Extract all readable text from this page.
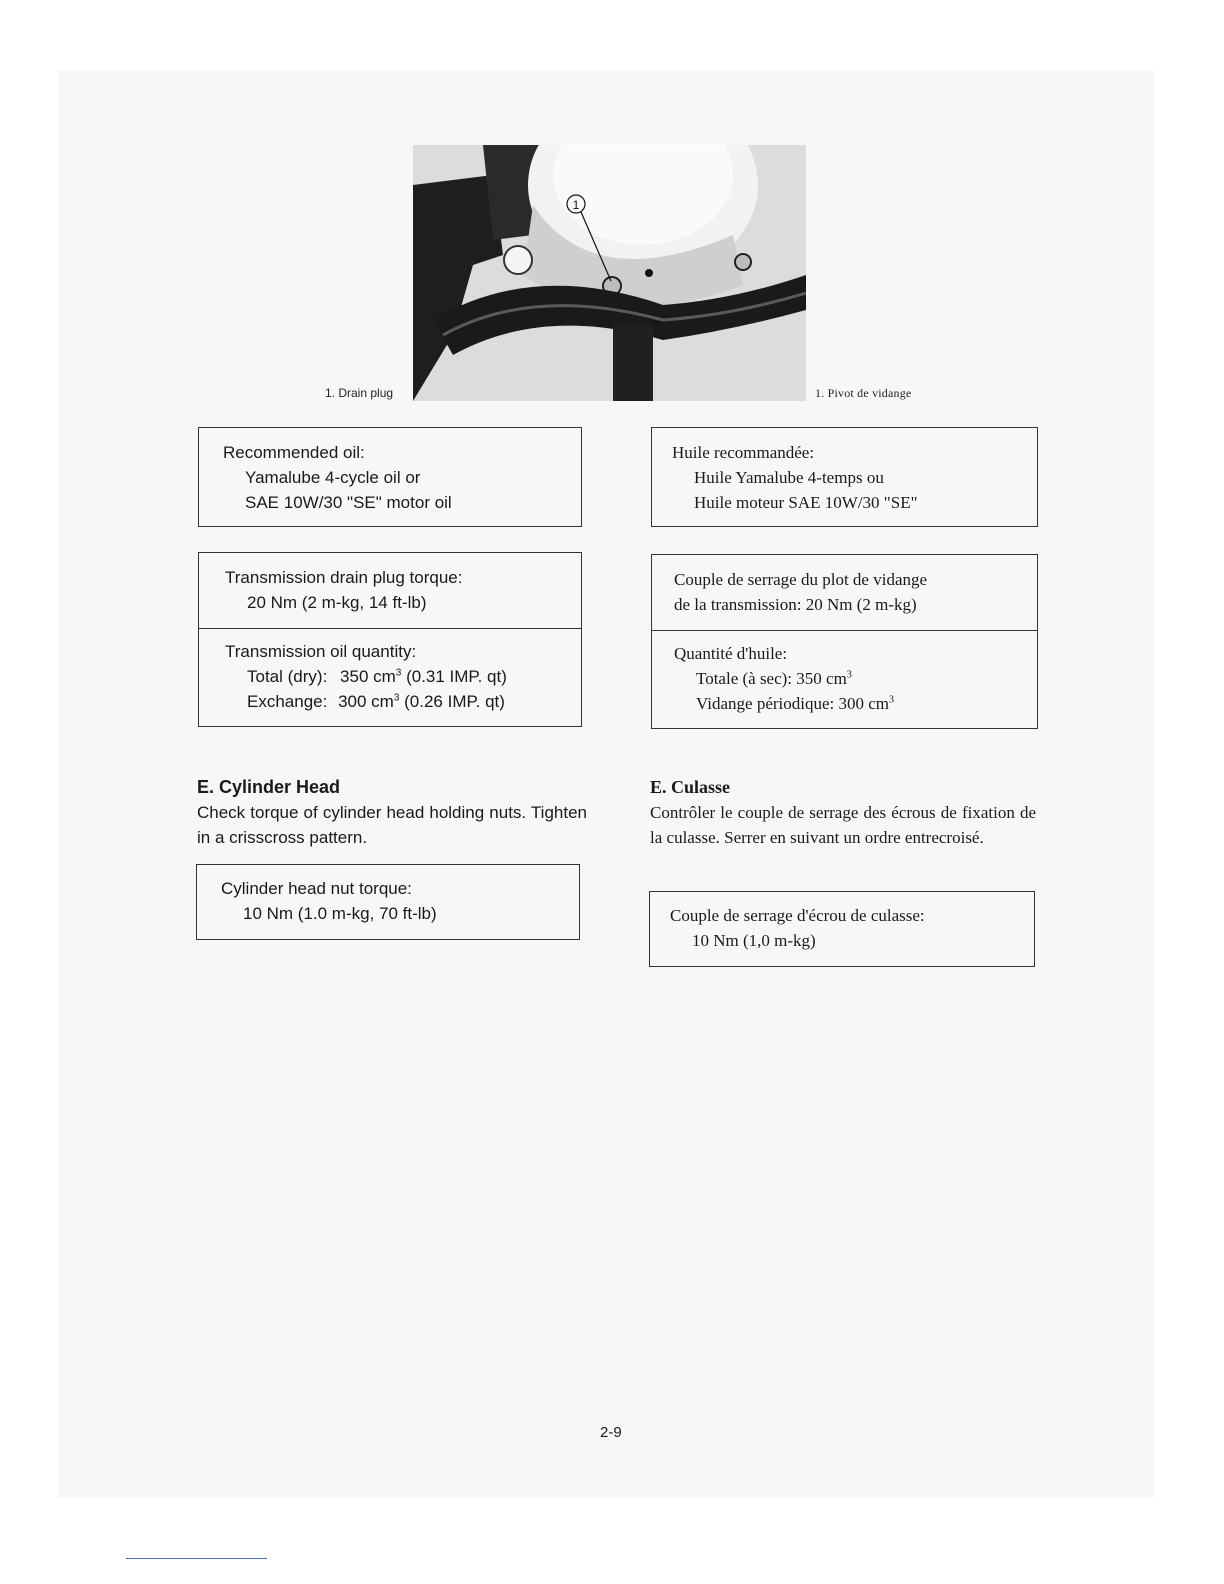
1
1. Drain plug	1. Pivot de vidange
Recommended oil:
Yamalube 4-cycle oil or
SAE 10W/30 "SE" motor oil
Huile recommandée:
Huile Yamalube 4-temps ou
Huile moteur SAE 10W/30 "SE"
Transmission drain plug torque:
20 Nm (2 m-kg, 14 ft-lb)
Transmission oil quantity:
Total (dry): 350 $cm^3$ (0.31 IMP. qt)
Exchange: 300 $cm^3$ (0.26 IMP. qt)
Couple de serrage du plot de vidange
de la transmission: 20 Nm (2 m-kg)
Quantité d'huile:
Totale (à sec): 350 $cm^3$
Vidange périodique: 300 $cm^3$
E. Cylinder Head
Check torque of cylinder head holding nuts. Tighten in a crisscross pattern.
Cylinder head nut torque:
10 Nm (1.0 m-kg, 70 ft-lb)
E. Culasse
Contrôler le couple de serrage des écrous de fixation de la culasse. Serrer en suivant un ordre entrecroisé.
Couple de serrage d'écrou de culasse:
10 Nm (1,0 m-kg)
2-9
